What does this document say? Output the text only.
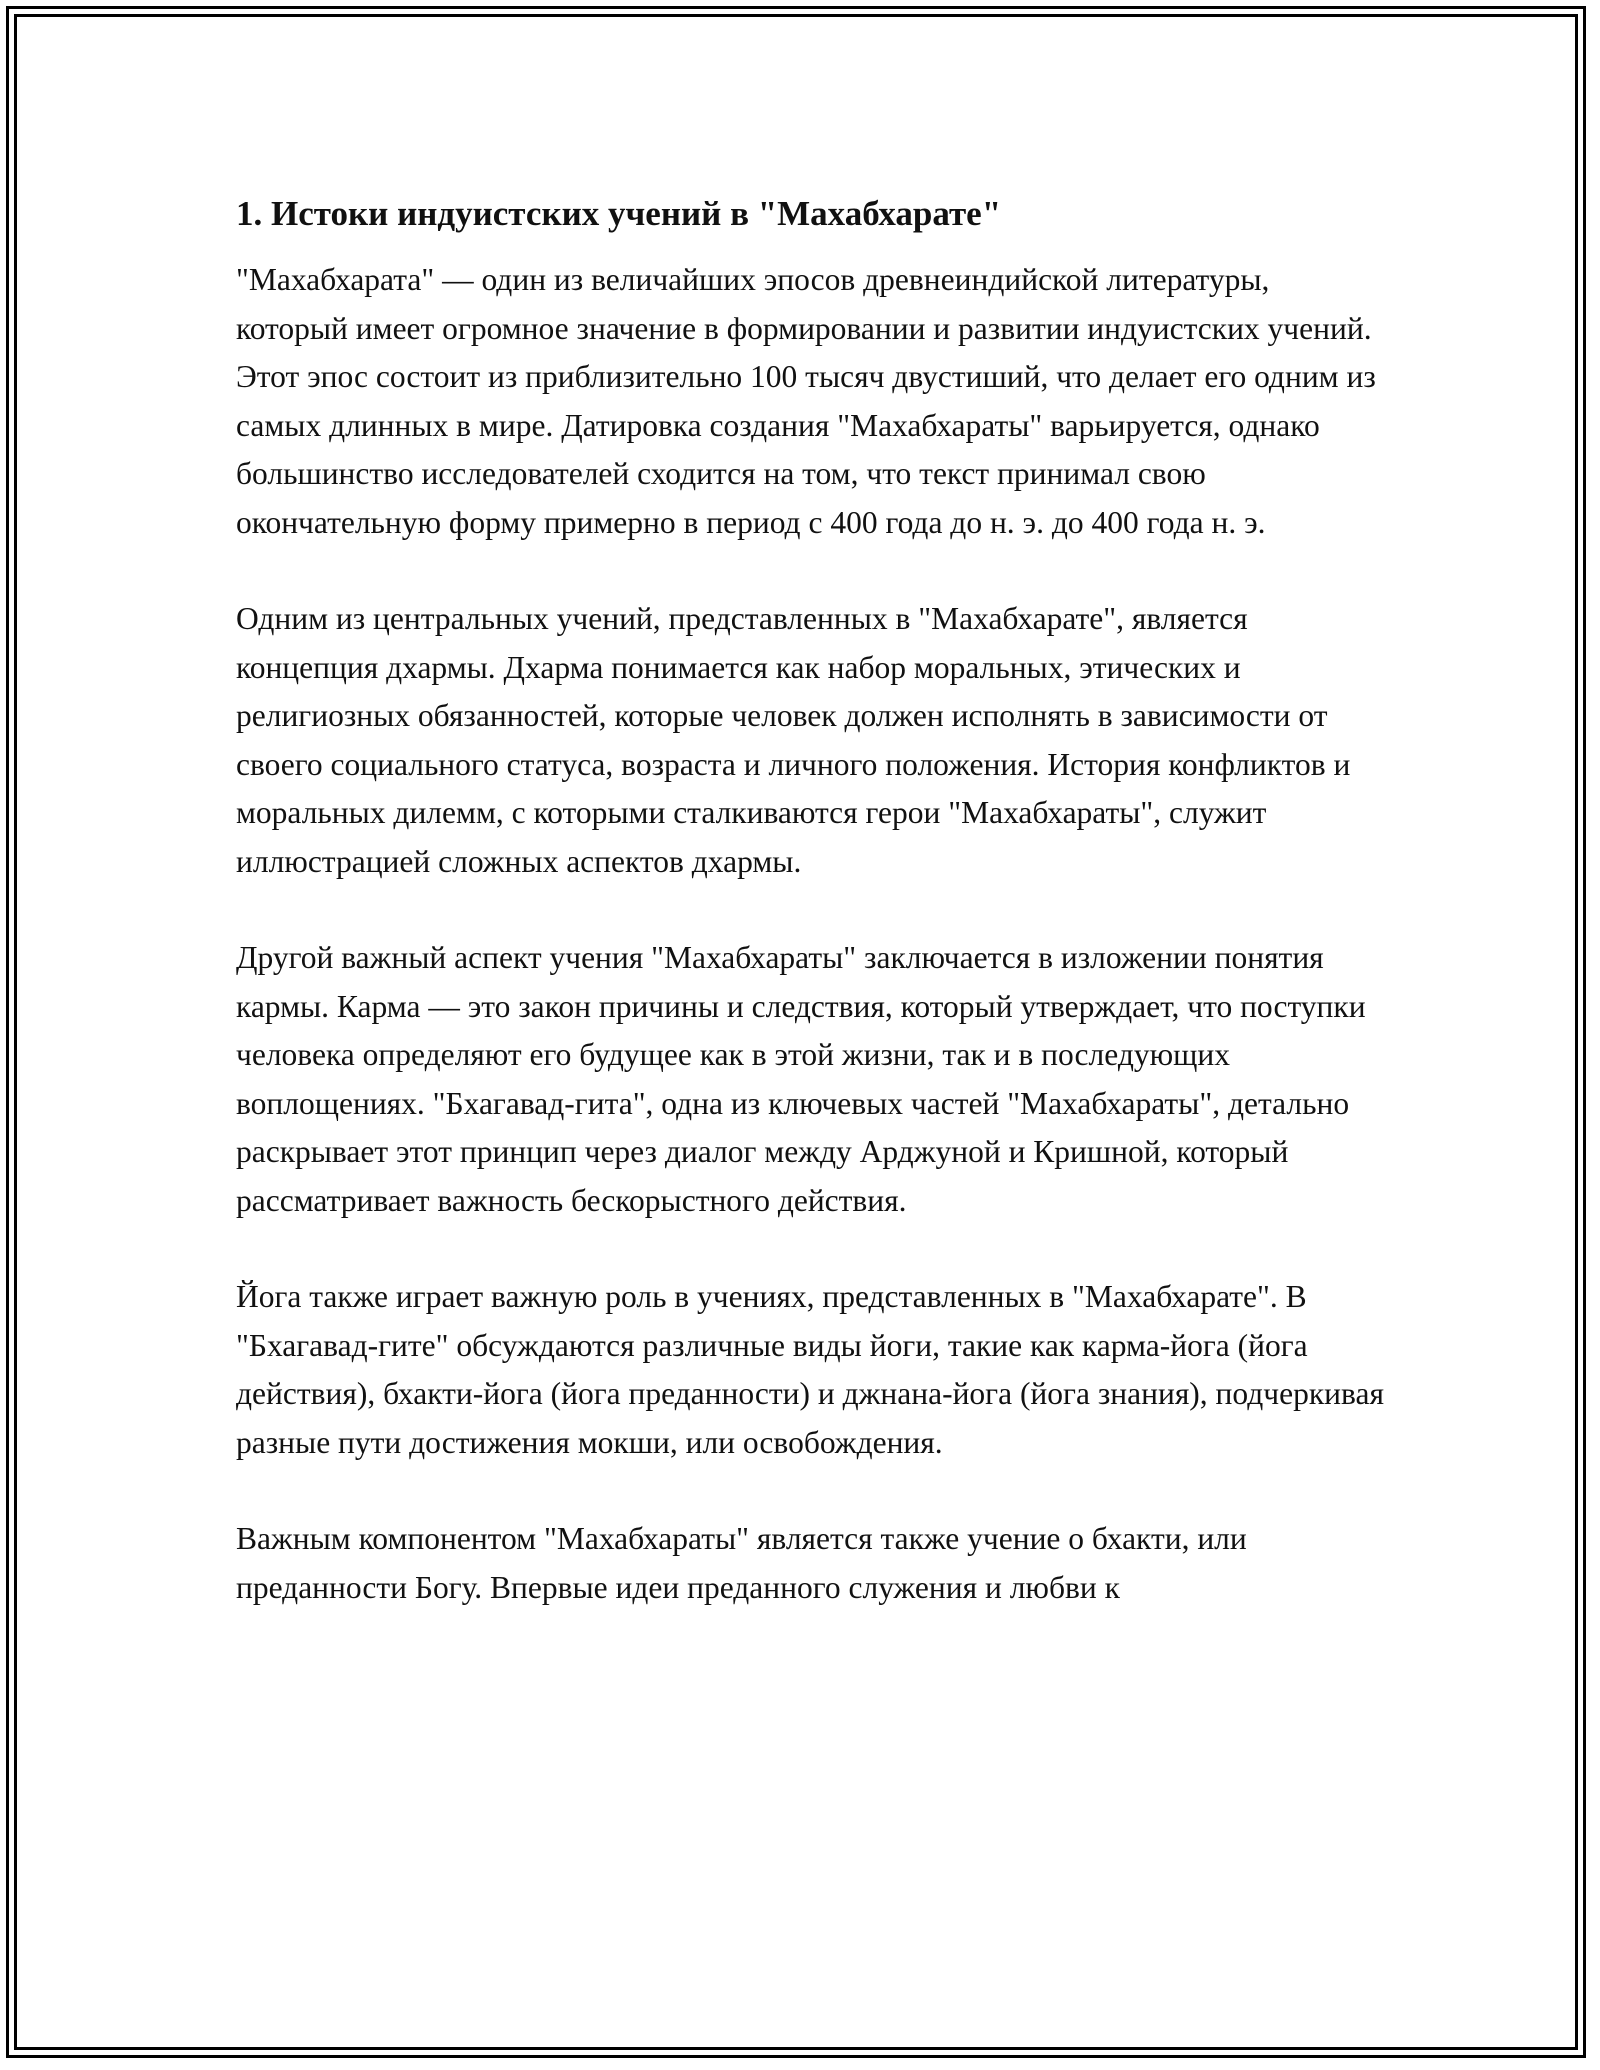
1. Истоки индуистских учений в "Махабхарате"

"Махабхарата" — один из величайших эпосов древнеиндийской литературы, который имеет огромное значение в формировании и развитии индуистских учений. Этот эпос состоит из приблизительно 100 тысяч двустиший, что делает его одним из самых длинных в мире. Датировка создания "Махабхараты" варьируется, однако большинство исследователей сходится на том, что текст принимал свою окончательную форму примерно в период с 400 года до н. э. до 400 года н. э.

Одним из центральных учений, представленных в "Махабхарате", является концепция дхармы. Дхарма понимается как набор моральных, этических и религиозных обязанностей, которые человек должен исполнять в зависимости от своего социального статуса, возраста и личного положения. История конфликтов и моральных дилемм, с которыми сталкиваются герои "Махабхараты", служит иллюстрацией сложных аспектов дхармы.

Другой важный аспект учения "Махабхараты" заключается в изложении понятия кармы. Карма — это закон причины и следствия, который утверждает, что поступки человека определяют его будущее как в этой жизни, так и в последующих воплощениях. "Бхагавад-гита", одна из ключевых частей "Махабхараты", детально раскрывает этот принцип через диалог между Арджуной и Кришной, который рассматривает важность бескорыстного действия.

Йога также играет важную роль в учениях, представленных в "Махабхарате". В "Бхагавад-гите" обсуждаются различные виды йоги, такие как карма-йога (йога действия), бхакти-йога (йога преданности) и джнана-йога (йога знания), подчеркивая разные пути достижения мокши, или освобождения.

Важным компонентом "Махабхараты" является также учение о бхакти, или преданности Богу. Впервые идеи преданного служения и любви к
